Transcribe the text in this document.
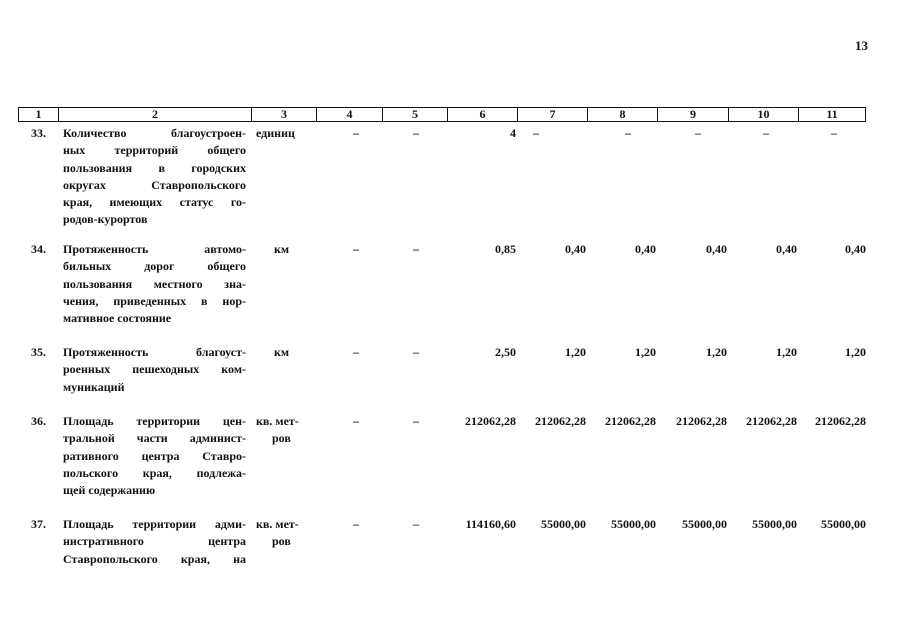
13
1	2	3	4	5	6	7	8	9	10	11
33.	Количество благоустроен-
ных территорий общего
пользования в городских
округах Ставропольского
края, имеющих статус го-
родов-курортов
единиц	–	–	4	–	–	–	–	–
34.	Протяженность автомо-
бильных дорог общего
пользования местного зна-
чения, приведенных в нор-
мативное состояние
км	–	–	0,85	0,40	0,40	0,40	0,40	0,40
35.	Протяженность благоуст-
роенных пешеходных ком-
муникаций
км	–	–	2,50	1,20	1,20	1,20	1,20	1,20
36.	Площадь территории цен-
тральной части админист-
ративного центра Ставро-
польского края, подлежа-
щей содержанию
кв. мет-
ров
–	–	212062,28	212062,28	212062,28	212062,28	212062,28	212062,28
37.	Площадь территории адми-
нистративного центра
Ставропольского края, на
кв. мет-
ров
–	–	114160,60	55000,00	55000,00	55000,00	55000,00	55000,00
